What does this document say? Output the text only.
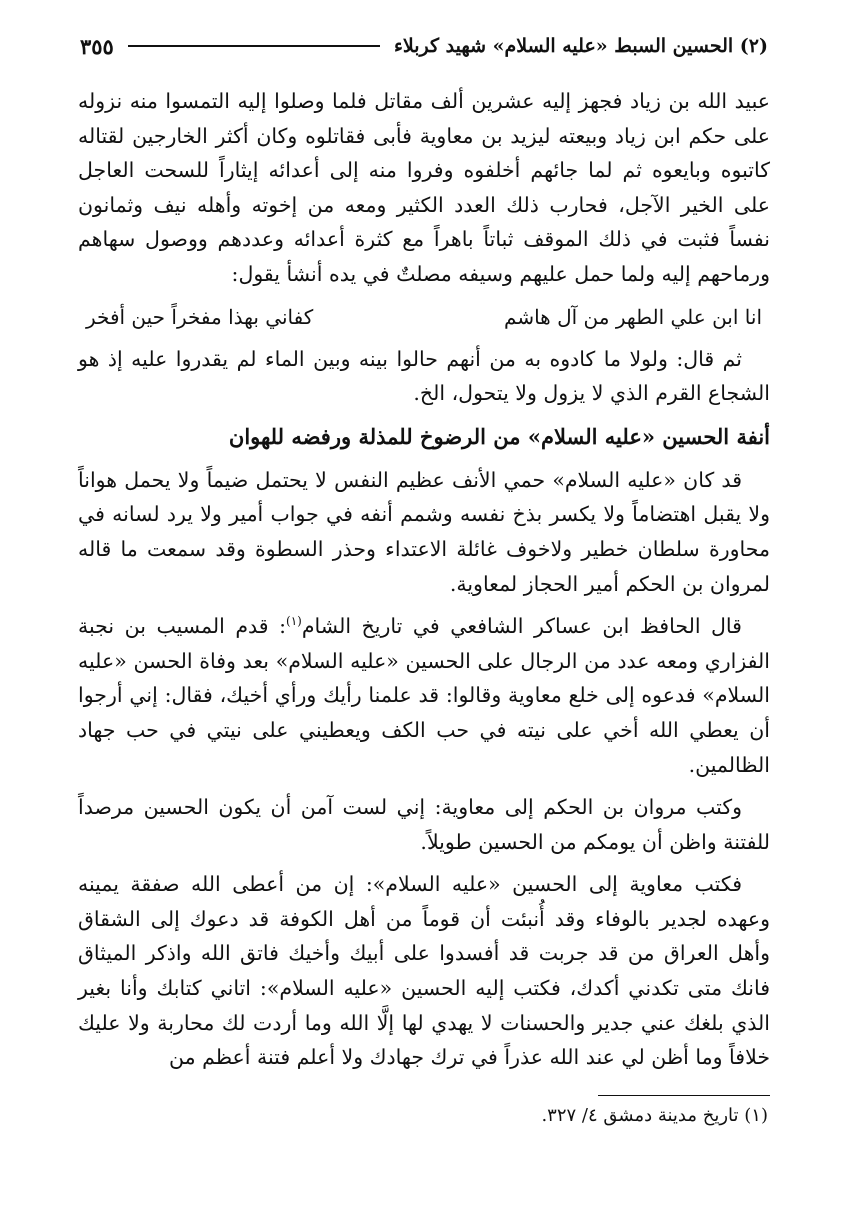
(٢) الحسين السبط «عليه السلام» شهيد كربلاء
٣٥٥

عبيد الله بن زياد فجهز إليه عشرين ألف مقاتل فلما وصلوا إليه التمسوا منه نزوله على حكم ابن زياد وبيعته ليزيد بن معاوية فأبى فقاتلوه وكان أكثر الخارجين لقتاله كاتبوه وبايعوه ثم لما جائهم أخلفوه وفروا منه إلى أعدائه إيثاراً للسحت العاجل على الخير الآجل، فحارب ذلك العدد الكثير ومعه من إخوته وأهله نيف وثمانون نفساً فثبت في ذلك الموقف ثباتاً باهراً مع كثرة أعدائه وعددهم ووصول سهاهم ورماحهم إليه ولما حمل عليهم وسيفه مصلتٌ في يده أنشأ يقول:

انا ابن علي الطهر من آل هاشم
كفاني بهذا مفخراً حين أفخر

ثم قال: ولولا ما كادوه به من أنهم حالوا بينه وبين الماء لم يقدروا عليه إذ هو الشجاع القرم الذي لا يزول ولا يتحول، الخ.

أنفة الحسين «عليه السلام» من الرضوخ للمذلة ورفضه للهوان

قد كان «عليه السلام» حمي الأنف عظيم النفس لا يحتمل ضيماً ولا يحمل هواناً ولا يقبل اهتضاماً ولا يكسر بذخ نفسه وشمم أنفه في جواب أمير ولا يرد لسانه في محاورة سلطان خطير ولاخوف غائلة الاعتداء وحذر السطوة وقد سمعت ما قاله لمروان بن الحكم أمير الحجاز لمعاوية.

قال الحافظ ابن عساكر الشافعي في تاريخ الشام$^{(١)}$: قدم المسيب بن نجبة الفزاري ومعه عدد من الرجال على الحسين «عليه السلام» بعد وفاة الحسن «عليه السلام» فدعوه إلى خلع معاوية وقالوا: قد علمنا رأيك ورأي أخيك، فقال: إني أرجوا أن يعطي الله أخي على نيته في حب الكف ويعطيني على نيتي في حب جهاد الظالمين.

وكتب مروان بن الحكم إلى معاوية: إني لست آمن أن يكون الحسين مرصداً للفتنة واظن أن يومكم من الحسين طويلاً.

فكتب معاوية إلى الحسين «عليه السلام»: إن من أعطى الله صفقة يمينه وعهده لجدير بالوفاء وقد أُنبئت أن قوماً من أهل الكوفة قد دعوك إلى الشقاق وأهل العراق من قد جربت قد أفسدوا على أبيك وأخيك فاتق الله واذكر الميثاق فانك متى تكدني أكدك، فكتب إليه الحسين «عليه السلام»: اتاني كتابك وأنا بغير الذي بلغك عني جدير والحسنات لا يهدي لها إلَّا الله وما أردت لك محاربة ولا عليك خلافاً وما أظن لي عند الله عذراً في ترك جهادك ولا أعلم فتنة أعظم من

(١) تاريخ مدينة دمشق ٤/ ٣٢٧.
